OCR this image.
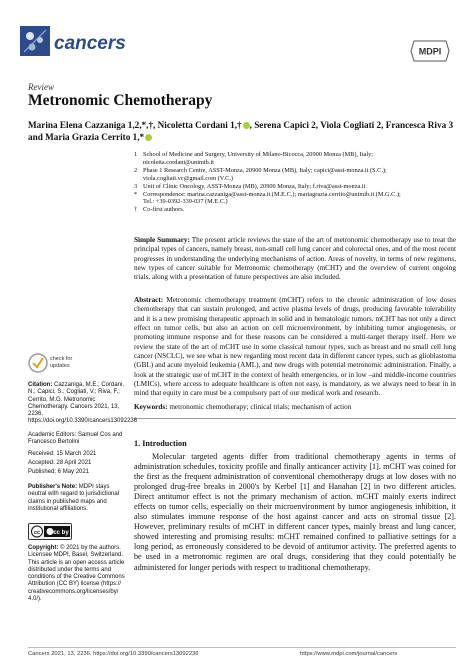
cancers	MDPI
Review
Metronomic Chemotherapy
Marina Elena Cazzaniga 1,2,*,†, Nicoletta Cordani 1,† , Serena Capici 2, Viola Cogliati 2, Francesca Riva 3
and Maria Grazia Cerrito 1,*
1 School of Medicine and Surgery, University of Milano-Bicocca, 20900 Monza (MB), Italy;
nicoletta.cordani@unimib.it
2 Phase 1 Research Centre, ASST-Monza, 20900 Monza (MB), Italy; capici@asst-monza.it (S.C.);
viola.cogliati.vc@gmail.com (V.C.)
3 Unit of Clinic Oncology, ASST-Monza (MB), 20900 Monza, Italy; f.riva@asst-monza.it
* Correspondence: marina.cazzaniga@asst-monza.it (M.E.C.); mariagrazia.cerrito@unimib.it (M.G.C.);
Tel.: +39-0392-339-037 (M.E.C.)
† Co-first authors.
Simple Summary: The present article reviews the state of the art of metronomic chemotherapy use to treat the principal types of cancers, namely breast, non-small cell lung cancer and colorectal ones, and of the most recent progresses in understanding the underlying mechanisms of action. Areas of novelty, in terms of new regimens, new types of cancer suitable for Metronomic chemotherapy (mCHT) and the overview of current ongoing trials, along with a presentation of future perspectives are also included.
Abstract: Metronomic chemotherapy treatment (mCHT) refers to the chronic administration of low doses chemotherapy that can sustain prolonged, and active plasma levels of drugs, producing favorable tolerability and it is a new promising therapeutic approach in solid and in hematologic tumors. mCHT has not only a direct effect on tumor cells, but also an action on cell microenvironment, by inhibiting tumor angiogenesis, or promoting immune response and for these reasons can be considered a multi-target therapy itself. Here we review the state of the art of mCHT use in some classical tumour types, such as breast and no small cell lung cancer (NSCLC), we see what is new regarding most recent data in different cancer types, such as glioblastoma (GBL) and acute myeloid leukemia (AML), and new drugs with potential metronomic administration. Finally, a look at the strategic use of mCHT in the context of health emergencies, or in low –and middle-income countries (LMICs), where access to adequate healthcare is often not easy, is mandatory, as we always need to bear in in mind that equity in care must be a compulsory part of our medical work and research.
Keywords: metronomic chemotherapy; clinical trials; mechanism of action
check for updates
Citation: Cazzaniga, M.E.; Cordani, N.; Capici, S.; Cogliati, V.; Riva, F.; Cerrito, M.G. Metronomic Chemotherapy. Cancers 2021, 13, 2236. https://doi.org/10.3390/cancers13092236
Academic Editors: Samuel Cos and Francesco Bertolini
Received: 15 March 2021
Accepted: 28 April 2021
Published: 6 May 2021
Publisher's Note: MDPI stays neutral with regard to jurisdictional claims in published maps and institutional affiliations.
cc cc by
Copyright: © 2021 by the authors. Licensee MDPI, Basel, Switzerland. This article is an open access article distributed under the terms and conditions of the Creative Commons Attribution (CC BY) license (https:// creativecommons.org/licenses/by/ 4.0/).
1. Introduction
Molecular targeted agents differ from traditional chemotherapy agents in terms of administration schedules, toxicity profile and finally anticancer activity [1]. mCHT was coined for the first as the frequent administration of conventional chemotherapy drugs at low doses with no prolonged drug-free breaks in 2000's by Kerbel [1] and Hanahan [2] in two different articles. Direct antitumor effect is not the primary mechanism of action. mCHT mainly exerts indirect effects on tumor cells, especially on their microenvironment by tumor angiogenesis inhibition, it also stimulates immune response of the host against cancer and acts on stromal tissue [2]. However, preliminary results of mCHT in different cancer types, mainly breast and lung cancer, showed interesting and promising results: mCHT remained confined to palliative settings for a long period, as erroneously considered to be devoid of antitumor activity. The preferred agents to be used in a metronomic regimen are oral drugs, considering that they could potentially be administered for longer periods with respect to traditional chemotherapy.
Cancers 2021, 13, 2236. https://doi.org/10.3390/cancers13092236	https://www.mdpi.com/journal/cancers
